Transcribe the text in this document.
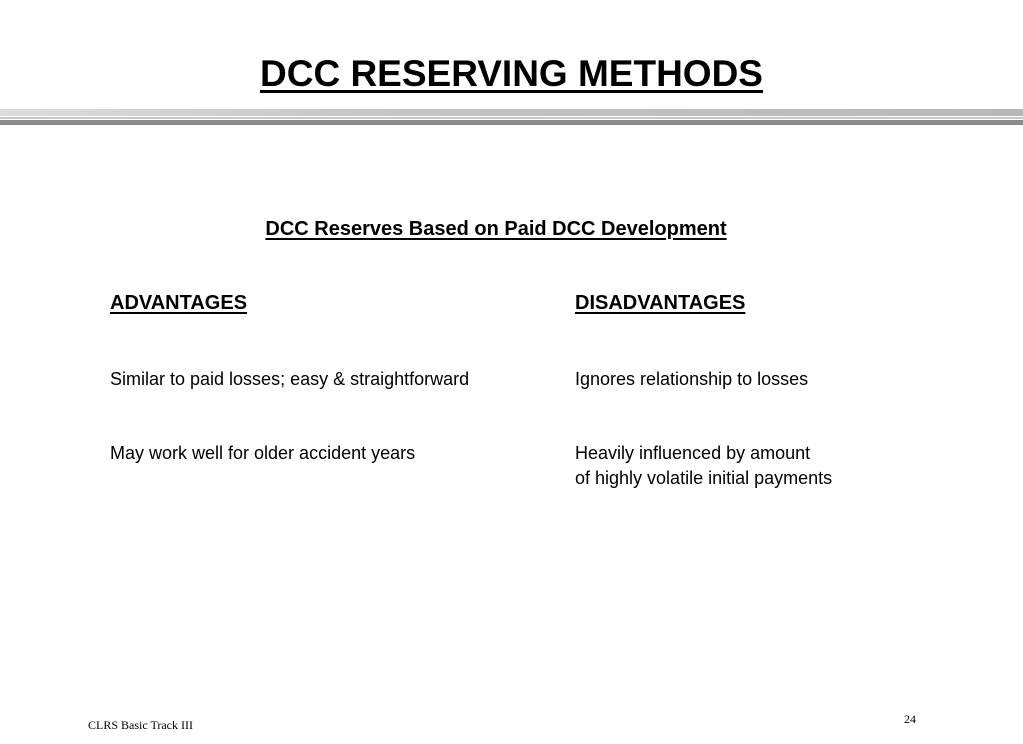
DCC RESERVING METHODS
DCC Reserves Based on Paid DCC Development
ADVANTAGES	DISADVANTAGES
Similar to paid losses; easy & straightforward
May work well for older accident years
Ignores relationship to losses
Heavily influenced by amount
of highly volatile initial payments
CLRS Basic Track III	24
